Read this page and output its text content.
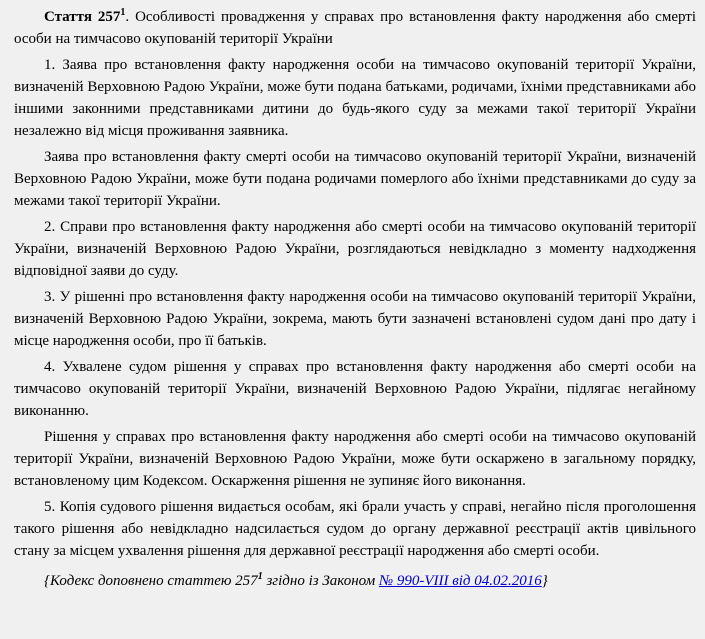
Стаття $257^1$. Особливості провадження у справах про встановлення факту народження або смерті особи на тимчасово окупованій території України

1. Заява про встановлення факту народження особи на тимчасово окупованій території України, визначеній Верховною Радою України, може бути подана батьками, родичами, їхніми представниками або іншими законними представниками дитини до будь-якого суду за межами такої території України незалежно від місця проживання заявника.

Заява про встановлення факту смерті особи на тимчасово окупованій території України, визначеній Верховною Радою України, може бути подана родичами померлого або їхніми представниками до суду за межами такої території України.

2. Справи про встановлення факту народження або смерті особи на тимчасово окупованій території України, визначеній Верховною Радою України, розглядаються невідкладно з моменту надходження відповідної заяви до суду.

3. У рішенні про встановлення факту народження особи на тимчасово окупованій території України, визначеній Верховною Радою України, зокрема, мають бути зазначені встановлені судом дані про дату і місце народження особи, про її батьків.

4. Ухвалене судом рішення у справах про встановлення факту народження або смерті особи на тимчасово окупованій території України, визначеній Верховною Радою України, підлягає негайному виконанню.

Рішення у справах про встановлення факту народження або смерті особи на тимчасово окупованій території України, визначеній Верховною Радою України, може бути оскаржено в загальному порядку, встановленому цим Кодексом. Оскарження рішення не зупиняє його виконання.

5. Копія судового рішення видається особам, які брали участь у справі, негайно після проголошення такого рішення або невідкладно надсилається судом до органу державної реєстрації актів цивільного стану за місцем ухвалення рішення для державної реєстрації народження або смерті особи.

{Кодекс доповнено статтею $257^1$ згідно із Законом № 990-VIII від 04.02.2016}
